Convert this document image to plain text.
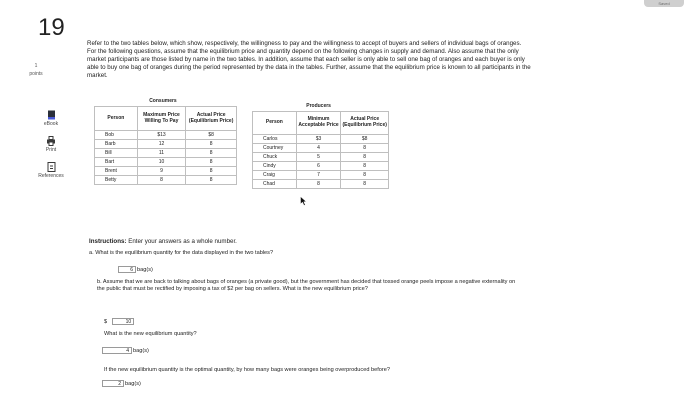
Saved
19
1
points
eBook
Print
References
Refer to the two tables below, which show, respectively, the willingness to pay and the willingness to accept of buyers and sellers of individual bags of oranges. For the following questions, assume that the equilibrium price and quantity depend on the following changes in supply and demand. Also assume that the only market participants are those listed by name in the two tables. In addition, assume that each seller is only able to sell one bag of oranges and each buyer is only able to buy one bag of oranges during the period represented by the data in the tables. Further, assume that the equilibrium price is known to all participants in the market.
	Consumers	
Person	Maximum Price Willing To Pay	Actual Price (Equilibrium Price)
Bob	$13	$8
Barb	12	8
Bill	11	8
Bart	10	8
Brent	9	8
Betty	8	8
	Producers	
Person	Minimum Acceptable Price	Actual Price (Equilibrium Price)
Carlos	$3	$8
Courtney	4	8
Chuck	5	8
Cindy	6	8
Craig	7	8
Chad	8	8
Instructions: Enter your answers as a whole number.
a. What is the equilibrium quantity for the data displayed in the two tables?
6 bag(s)
b. Assume that we are back to talking about bags of oranges (a private good), but the government has decided that tossed orange peels impose a negative externality on the public that must be rectified by imposing a tax of $2 per bag on sellers. What is the new equilibrium price?
$	10
What is the new equilibrium quantity?
4 bag(s)
If the new equilibrium quantity is the optimal quantity, by how many bags were oranges being overproduced before?
2 bag(s)
